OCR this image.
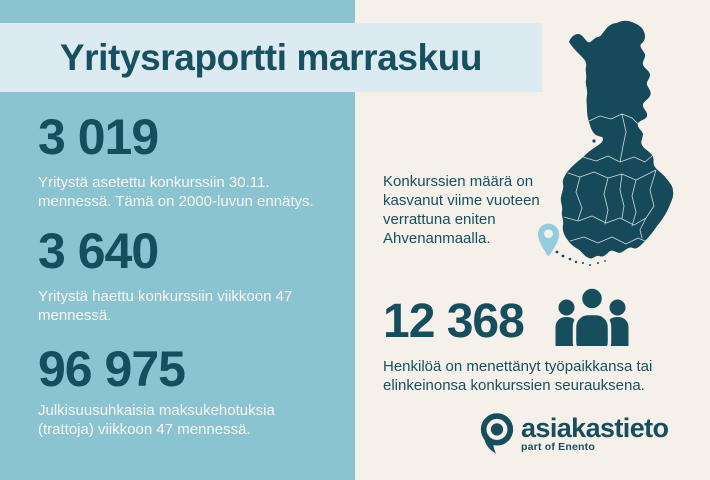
Yritysraportti marraskuu
3 019
Yritystä asetettu konkurssiin 30.11. mennessä. Tämä on 2000-luvun ennätys.
3 640
Yritystä haettu konkurssiin viikkoon 47 mennessä.
96 975
Julkisuusuhkaisia maksukehotuksia (trattoja) viikkoon 47 mennessä.
Konkurssien määrä on kasvanut viime vuoteen verrattuna eniten Ahvenanmaalla.
12 368
Henkilöä on menettänyt työpaikkansa tai elinkeinonsa konkurssien seurauksena.
asiakastieto
part of Enento
